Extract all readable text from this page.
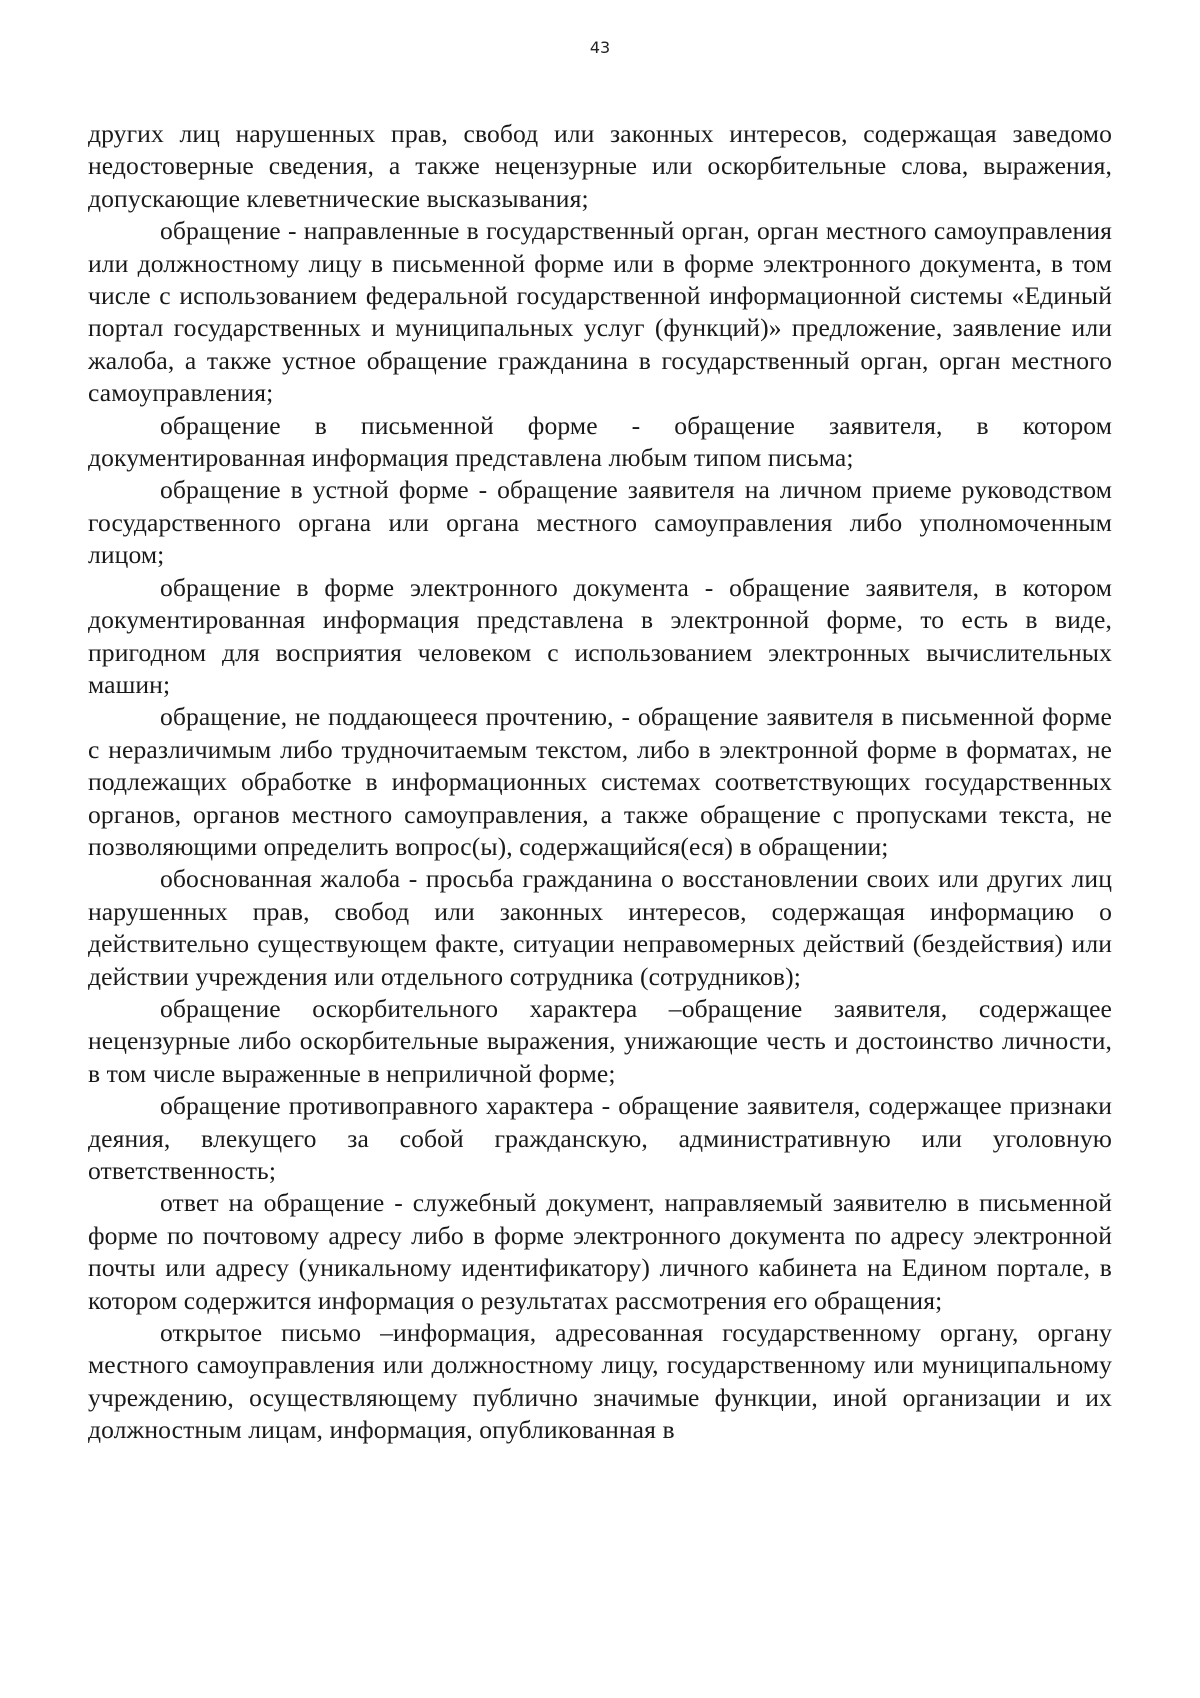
43

других лиц нарушенных прав, свобод или законных интересов, содержащая заведомо недостоверные сведения, а также нецензурные или оскорбительные слова, выражения, допускающие клеветнические высказывания;

обращение - направленные в государственный орган, орган местного самоуправления или должностному лицу в письменной форме или в форме электронного документа, в том числе с использованием федеральной государственной информационной системы «Единый портал государственных и муниципальных услуг (функций)» предложение, заявление или жалоба, а также устное обращение гражданина в государственный орган, орган местного самоуправления;

обращение в письменной форме - обращение заявителя, в котором документированная информация представлена любым типом письма;

обращение в устной форме - обращение заявителя на личном приеме руководством государственного органа или органа местного самоуправления либо уполномоченным лицом;

обращение в форме электронного документа - обращение заявителя, в котором документированная информация представлена в электронной форме, то есть в виде, пригодном для восприятия человеком с использованием электронных вычислительных машин;

обращение, не поддающееся прочтению, - обращение заявителя в письменной форме с неразличимым либо трудночитаемым текстом, либо в электронной форме в форматах, не подлежащих обработке в информационных системах соответствующих государственных органов, органов местного самоуправления, а также обращение с пропусками текста, не позволяющими определить вопрос(ы), содержащийся(еся) в обращении;

обоснованная жалоба - просьба гражданина о восстановлении своих или других лиц нарушенных прав, свобод или законных интересов, содержащая информацию о действительно существующем факте, ситуации неправомерных действий (бездействия) или действии учреждения или отдельного сотрудника (сотрудников);

обращение оскорбительного характера –обращение заявителя, содержащее нецензурные либо оскорбительные выражения, унижающие честь и достоинство личности, в том числе выраженные в неприличной форме;

обращение противоправного характера - обращение заявителя, содержащее признаки деяния, влекущего за собой гражданскую, административную или уголовную ответственность;

ответ на обращение - служебный документ, направляемый заявителю в письменной форме по почтовому адресу либо в форме электронного документа по адресу электронной почты или адресу (уникальному идентификатору) личного кабинета на Едином портале, в котором содержится информация о результатах рассмотрения его обращения;

открытое письмо –информация, адресованная государственному органу, органу местного самоуправления или должностному лицу, государственному или муниципальному учреждению, осуществляющему публично значимые функции, иной организации и их должностным лицам, информация, опубликованная в
